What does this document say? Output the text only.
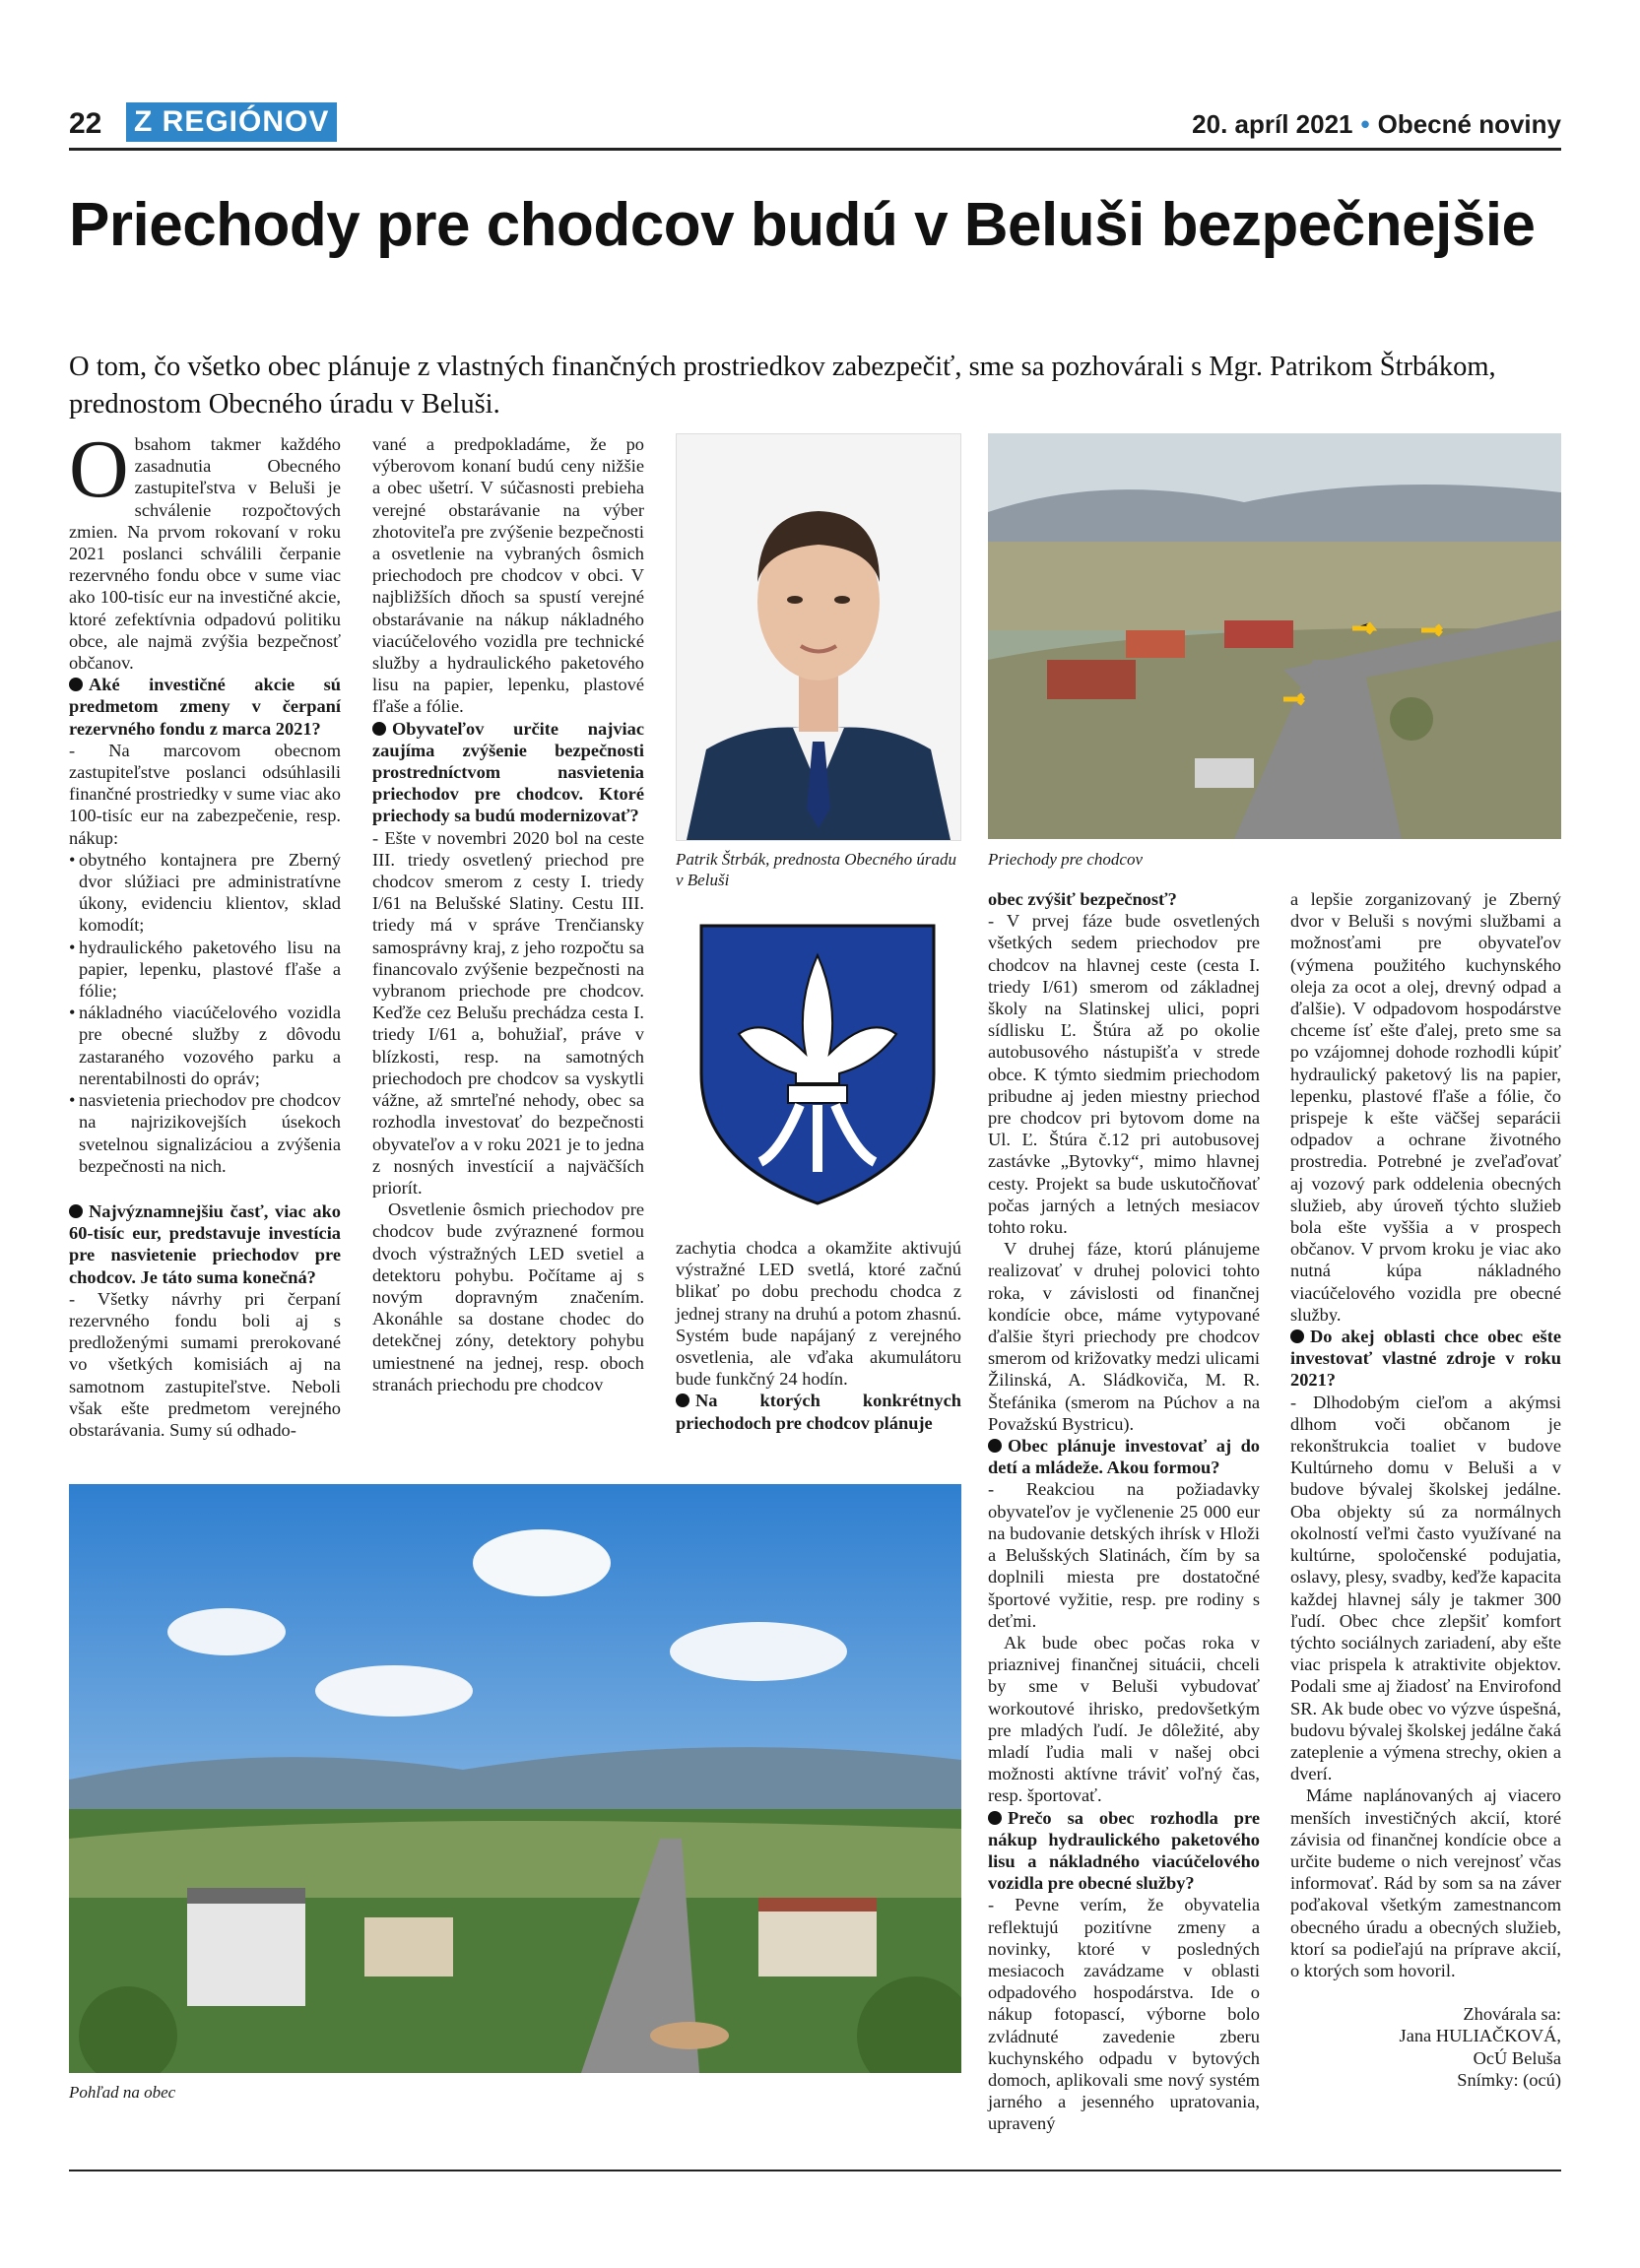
22 Z REGIÓNOV	20. apríl 2021 • Obecné noviny
Priechody pre chodcov budú v Beluši bezpečnejšie
O tom, čo všetko obec plánuje z vlastných finančných prostriedkov zabezpečiť, sme sa pozhovárali s Mgr. Patrikom Štrbákom, prednostom Obecného úradu v Beluši.

Obsahom takmer každého zasadnutia Obecného zastupiteľstva v Beluši je schválenie rozpočtových zmien. Na prvom rokovaní v roku 2021 poslanci schválili čerpanie rezervného fondu obce v sume viac ako 100-tisíc eur na investičné akcie, ktoré zefektívnia odpadovú politiku obce, ale najmä zvýšia bezpečnosť občanov.

Aké investičné akcie sú predmetom zmeny v čerpaní rezervného fondu z marca 2021?

- Na marcovom obecnom zastupiteľstve poslanci odsúhlasili finančné prostriedky v sume viac ako 100-tisíc eur na zabezpečenie, resp. nákup:

• obytného kontajnera pre Zberný dvor slúžiaci pre administratívne úkony, evidenciu klientov, sklad komodít;
• hydraulického paketového lisu na papier, lepenku, plastové fľaše a fólie;
• nákladného viacúčelového vozidla pre obecné služby z dôvodu zastaraného vozového parku a nerentabilnosti do opráv;
• nasvietenia priechodov pre chodcov na najrizikovejších úsekoch svetelnou signalizáciou a zvýšenia bezpečnosti na nich.

Najvýznamnejšiu časť, viac ako 60-tisíc eur, predstavuje investícia pre nasvietenie priechodov pre chodcov. Je táto suma konečná?

- Všetky návrhy pri čerpaní rezervného fondu boli aj s predloženými sumami prerokované vo všetkých komisiách aj na samotnom zastupiteľstve. Neboli však ešte predmetom verejného obstarávania. Sumy sú odhado-

vané a predpokladáme, že po výberovom konaní budú ceny nižšie a obec ušetrí. V súčasnosti prebieha verejné obstarávanie na výber zhotoviteľa pre zvýšenie bezpečnosti a osvetlenie na vybraných ôsmich priechodoch pre chodcov v obci. V najbližších dňoch sa spustí verejné obstarávanie na nákup nákladného viacúčelového vozidla pre technické služby a hydraulického paketového lisu na papier, lepenku, plastové fľaše a fólie.

Obyvateľov určite najviac zaujíma zvýšenie bezpečnosti prostredníctvom nasvietenia priechodov pre chodcov. Ktoré priechody sa budú modernizovať?

- Ešte v novembri 2020 bol na ceste III. triedy osvetlený priechod pre chodcov smerom z cesty I. triedy I/61 na Belušské Slatiny. Cestu III. triedy má v správe Trenčiansky samosprávny kraj, z jeho rozpočtu sa financovalo zvýšenie bezpečnosti na vybranom priechode pre chodcov. Keďže cez Belušu prechádza cesta I. triedy I/61 a, bohužiaľ, práve v blízkosti, resp. na samotných priechodoch pre chodcov sa vyskytli vážne, až smrteľné nehody, obec sa rozhodla investovať do bezpečnosti obyvateľov a v roku 2021 je to jedna z nosných investícií a najväčších priorít.

Osvetlenie ôsmich priechodov pre chodcov bude zvýraznené formou dvoch výstražných LED svetiel a detektoru pohybu. Počítame aj s novým dopravným značením. Akonáhle sa dostane chodec do detekčnej zóny, detektory pohybu umiestnené na jednej, resp. oboch stranách priechodu pre chodcov

Patrik Štrbák, prednosta Obecného úradu v Beluši
Priechody pre chodcov

zachytia chodca a okamžite aktivujú výstražné LED svetlá, ktoré začnú blikať po dobu prechodu chodca z jednej strany na druhú a potom zhasnú. Systém bude napájaný z verejného osvetlenia, ale vďaka akumulátoru bude funkčný 24 hodín.

Na ktorých konkrétnych priechodoch pre chodcov plánuje

obec zvýšiť bezpečnosť?

- V prvej fáze bude osvetlených všetkých sedem priechodov pre chodcov na hlavnej ceste (cesta I. triedy I/61) smerom od základnej školy na Slatinskej ulici, popri sídlisku Ľ. Štúra až po okolie autobusového nástupišťa v strede obce. K týmto siedmim priechodom pribudne aj jeden miestny priechod pre chodcov pri bytovom dome na Ul. Ľ. Štúra č.12 pri autobusovej zastávke „Bytovky“, mimo hlavnej cesty. Projekt sa bude uskutočňovať počas jarných a letných mesiacov tohto roku.

V druhej fáze, ktorú plánujeme realizovať v druhej polovici tohto roka, v závislosti od finančnej kondície obce, máme vytypované ďalšie štyri priechody pre chodcov smerom od križovatky medzi ulicami Žilinská, A. Sládkoviča, M. R. Štefánika (smerom na Púchov a na Považskú Bystricu).

Obec plánuje investovať aj do detí a mládeže. Akou formou?

- Reakciou na požiadavky obyvateľov je vyčlenenie 25 000 eur na budovanie detských ihrísk v Hloži a Belušských Slatinách, čím by sa doplnili miesta pre dostatočné športové vyžitie, resp. pre rodiny s deťmi.

Ak bude obec počas roka v priaznivej finančnej situácii, chceli by sme v Beluši vybudovať workoutové ihrisko, predovšetkým pre mladých ľudí. Je dôležité, aby mladí ľudia mali v našej obci možnosti aktívne tráviť voľný čas, resp. športovať.

Prečo sa obec rozhodla pre nákup hydraulického paketového lisu a nákladného viacúčelového vozidla pre obecné služby?

- Pevne verím, že obyvatelia reflektujú pozitívne zmeny a novinky, ktoré v posledných mesiacoch zavádzame v oblasti odpadového hospodárstva. Ide o nákup fotopascí, výborne bolo zvládnuté zavedenie zberu kuchynského odpadu v bytových domoch, aplikovali sme nový systém jarného a jesenného upratovania, upravený

a lepšie zorganizovaný je Zberný dvor v Beluši s novými službami a možnosťami pre obyvateľov (výmena použitého kuchynského oleja za ocot a olej, drevný odpad a ďalšie). V odpadovom hospodárstve chceme ísť ešte ďalej, preto sme sa po vzájomnej dohode rozhodli kúpiť hydraulický paketový lis na papier, lepenku, plastové fľaše a fólie, čo prispeje k ešte väčšej separácii odpadov a ochrane životného prostredia. Potrebné je zveľaďovať aj vozový park oddelenia obecných služieb, aby úroveň týchto služieb bola ešte vyššia a v prospech občanov. V prvom kroku je viac ako nutná kúpa nákladného viacúčelového vozidla pre obecné služby.

Do akej oblasti chce obec ešte investovať vlastné zdroje v roku 2021?

- Dlhodobým cieľom a akýmsi dlhom voči občanom je rekonštrukcia toaliet v budove Kultúrneho domu v Beluši a v budove bývalej školskej jedálne. Oba objekty sú za normálnych okolností veľmi často využívané na kultúrne, spoločenské podujatia, oslavy, plesy, svadby, keďže kapacita každej hlavnej sály je takmer 300 ľudí. Obec chce zlepšiť komfort týchto sociálnych zariadení, aby ešte viac prispela k atraktivite objektov. Podali sme aj žiadosť na Envirofond SR. Ak bude obec vo výzve úspešná, budovu bývalej školskej jedálne čaká zateplenie a výmena strechy, okien a dverí.

Máme naplánovaných aj viacero menších investičných akcií, ktoré závisia od finančnej kondície obce a určite budeme o nich verejnosť včas informovať. Rád by som sa na záver poďakoval všetkým zamestnancom obecného úradu a obecných služieb, ktorí sa podieľajú na príprave akcií, o ktorých som hovoril.

Zhovárala sa:

Jana HULIAČKOVÁ,

OcÚ Beluša

Snímky: (ocú)

Pohľad na obec
